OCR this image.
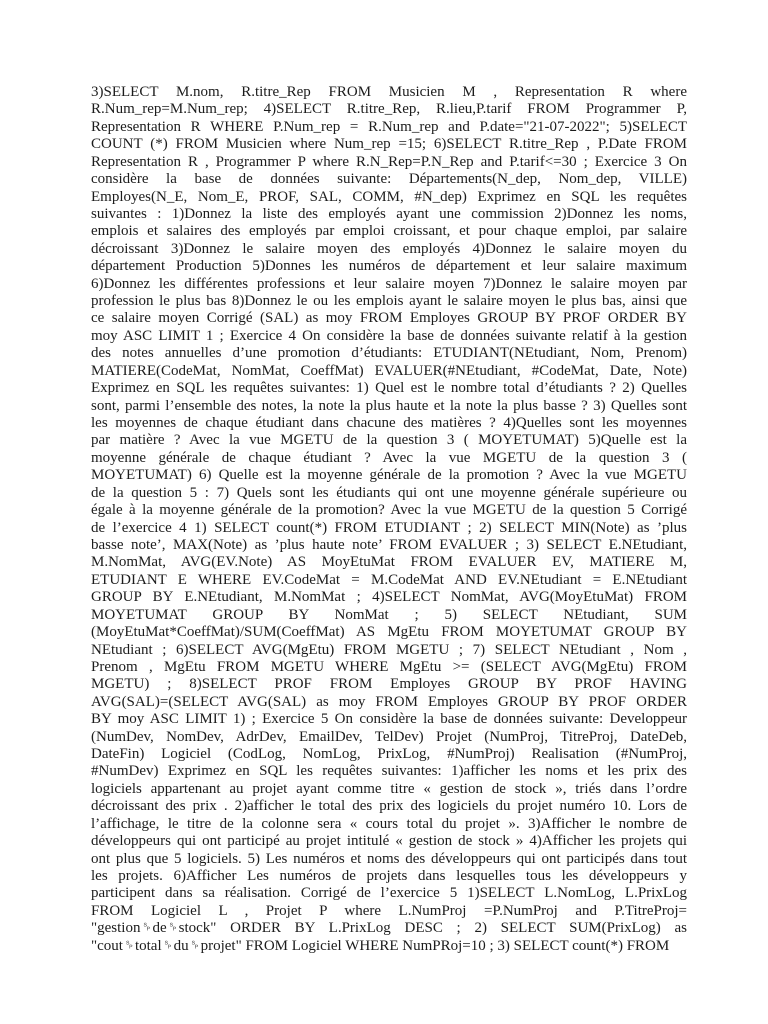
3)SELECT M.nom, R.titre_Rep FROM Musicien M , Representation R where
R.Num_rep=M.Num_rep; 4)SELECT R.titre_Rep, R.lieu,P.tarif FROM Programmer P,
Representation R WHERE P.Num_rep = R.Num_rep and P.date="21-07-2022"; 5)SELECT
COUNT (*) FROM Musicien where Num_rep =15; 6)SELECT R.titre_Rep , P.Date FROM
Representation R , Programmer P where R.N_Rep=P.N_Rep and P.tarif<=30 ; Exercice 3 On
considère la base de données suivante: Départements(N_dep, Nom_dep, VILLE)
Employes(N_E, Nom_E, PROF, SAL, COMM, #N_dep) Exprimez en SQL les requêtes
suivantes : 1)Donnez la liste des employés ayant une commission 2)Donnez les noms,
emplois et salaires des employés par emploi croissant, et pour chaque emploi, par salaire
décroissant 3)Donnez le salaire moyen des employés 4)Donnez le salaire moyen du
département Production 5)Donnes les numéros de département et leur salaire maximum
6)Donnez les différentes professions et leur salaire moyen 7)Donnez le salaire moyen par
profession le plus bas 8)Donnez le ou les emplois ayant le salaire moyen le plus bas, ainsi que
ce salaire moyen Corrigé (SAL) as moy FROM Employes GROUP BY PROF ORDER BY
moy ASC LIMIT 1 ; Exercice 4 On considère la base de données suivante relatif à la gestion
des notes annuelles d’une promotion d’étudiants: ETUDIANT(NEtudiant, Nom, Prenom)
MATIERE(CodeMat, NomMat, CoeffMat) EVALUER(#NEtudiant, #CodeMat, Date, Note)
Exprimez en SQL les requêtes suivantes: 1) Quel est le nombre total d’étudiants ? 2) Quelles
sont, parmi l’ensemble des notes, la note la plus haute et la note la plus basse ? 3) Quelles sont
les moyennes de chaque étudiant dans chacune des matières ? 4)Quelles sont les moyennes
par matière ? Avec la vue MGETU de la question 3 ( MOYETUMAT) 5)Quelle est la
moyenne générale de chaque étudiant ? Avec la vue MGETU de la question 3 (
MOYETUMAT) 6) Quelle est la moyenne générale de la promotion ? Avec la vue MGETU
de la question 5 : 7) Quels sont les étudiants qui ont une moyenne générale supérieure ou
égale à la moyenne générale de la promotion? Avec la vue MGETU de la question 5 Corrigé
de l’exercice 4 1) SELECT count(*) FROM ETUDIANT ; 2) SELECT MIN(Note) as ’plus
basse note’, MAX(Note) as ’plus haute note’ FROM EVALUER ; 3) SELECT E.NEtudiant,
M.NomMat, AVG(EV.Note) AS MoyEtuMat FROM EVALUER EV, MATIERE M,
ETUDIANT E WHERE EV.CodeMat = M.CodeMat AND EV.NEtudiant = E.NEtudiant
GROUP BY E.NEtudiant, M.NomMat ; 4)SELECT NomMat, AVG(MoyEtuMat) FROM
MOYETUMAT GROUP BY NomMat ; 5) SELECT NEtudiant, SUM
(MoyEtuMat*CoeffMat)/SUM(CoeffMat) AS MgEtu FROM MOYETUMAT GROUP BY
NEtudiant ; 6)SELECT AVG(MgEtu) FROM MGETU ; 7) SELECT NEtudiant , Nom ,
Prenom , MgEtu FROM MGETU WHERE MgEtu >= (SELECT AVG(MgEtu) FROM
MGETU) ; 8)SELECT PROF FROM Employes GROUP BY PROF HAVING
AVG(SAL)=(SELECT AVG(SAL) as moy FROM Employes GROUP BY PROF ORDER
BY moy ASC LIMIT 1) ; Exercice 5 On considère la base de données suivante: Developpeur
(NumDev, NomDev, AdrDev, EmailDev, TelDev) Projet (NumProj, TitreProj, DateDeb,
DateFin) Logiciel (CodLog, NomLog, PrixLog, #NumProj) Realisation (#NumProj,
#NumDev) Exprimez en SQL les requêtes suivantes: 1)afficher les noms et les prix des
logiciels appartenant au projet ayant comme titre « gestion de stock », triés dans l’ordre
décroissant des prix . 2)afficher le total des prix des logiciels du projet numéro 10. Lors de
l’affichage, le titre de la colonne sera « cours total du projet ». 3)Afficher le nombre de
développeurs qui ont participé au projet intitulé « gestion de stock » 4)Afficher les projets qui
ont plus que 5 logiciels. 5) Les numéros et noms des développeurs qui ont participés dans tout
les projets. 6)Afficher Les numéros de projets dans lesquelles tous les développeurs y
participent dans sa réalisation. Corrigé de l’exercice 5 1)SELECT L.NomLog, L.PrixLog
FROM Logiciel L , Projet P where L.NumProj =P.NumProj and P.TitreProj=
"gestion␠de␠stock" ORDER BY L.PrixLog DESC ; 2) SELECT SUM(PrixLog) as
"cout␠total␠du␠projet" FROM Logiciel WHERE NumPRoj=10 ; 3) SELECT count(*) FROM
